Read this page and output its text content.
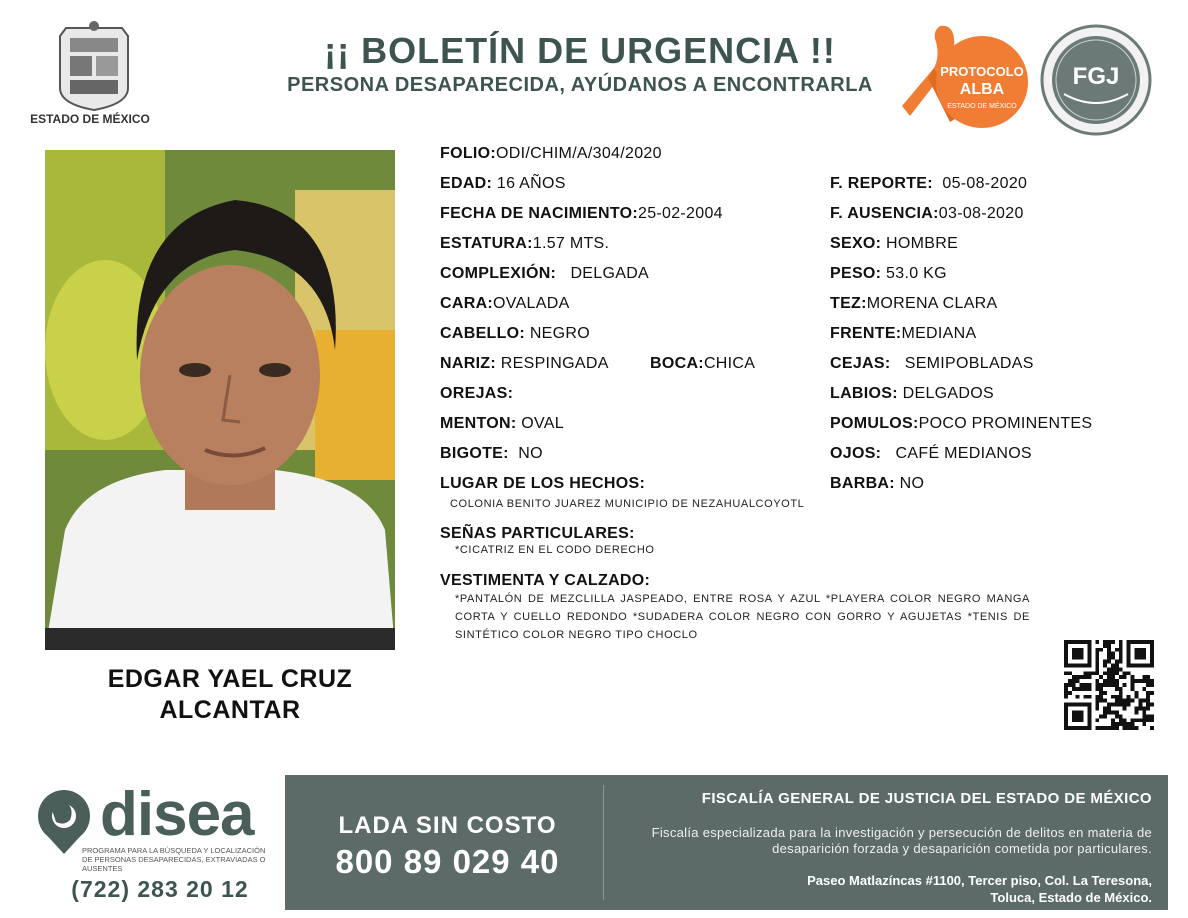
ESTADO DE MÉXICO
¡¡ BOLETÍN DE URGENCIA !!
PERSONA DESAPARECIDA, AYÚDANOS A ENCONTRARLA
PROTOCOLO
ALBA
ESTADO DE MÉXICO
FGJ
EDGAR YAEL CRUZ
ALCANTAR
FOLIO:ODI/CHIM/A/304/2020
EDAD: 16 AÑOS	F. REPORTE: 05-08-2020
FECHA DE NACIMIENTO:25-02-2004	F. AUSENCIA:03-08-2020
ESTATURA:1.57 MTS.	SEXO: HOMBRE
COMPLEXIÓN: DELGADA	PESO: 53.0 KG
CARA:OVALADA	TEZ:MORENA CLARA
CABELLO: NEGRO	FRENTE:MEDIANA
NARIZ: RESPINGADA	BOCA:CHICA	CEJAS: SEMIPOBLADAS
OREJAS:	LABIOS: DELGADOS
MENTON: OVAL	POMULOS:POCO PROMINENTES
BIGOTE: NO	OJOS: CAFÉ MEDIANOS
LUGAR DE LOS HECHOS:	BARBA: NO
COLONIA BENITO JUAREZ MUNICIPIO DE NEZAHUALCOYOTL
SEÑAS PARTICULARES:
*CICATRIZ EN EL CODO DERECHO
VESTIMENTA Y CALZADO:
*PANTALÓN DE MEZCLILLA JASPEADO, ENTRE ROSA Y AZUL *PLAYERA COLOR NEGRO MANGA CORTA Y CUELLO REDONDO *SUDADERA COLOR NEGRO CON GORRO Y AGUJETAS *TENIS DE SINTÉTICO COLOR NEGRO TIPO CHOCLO
disea
PROGRAMA PARA LA BÚSQUEDA Y LOCALIZACIÓN DE PERSONAS DESAPARECIDAS, EXTRAVIADAS O AUSENTES
(722) 283 20 12
LADA SIN COSTO
800 89 029 40
FISCALÍA GENERAL DE JUSTICIA DEL ESTADO DE MÉXICO
Fiscalía especializada para la investigación y persecución de delitos en materia de desaparición forzada y desaparición cometida por particulares.
Paseo Matlazíncas #1100, Tercer piso, Col. La Teresona,
Toluca, Estado de México.
